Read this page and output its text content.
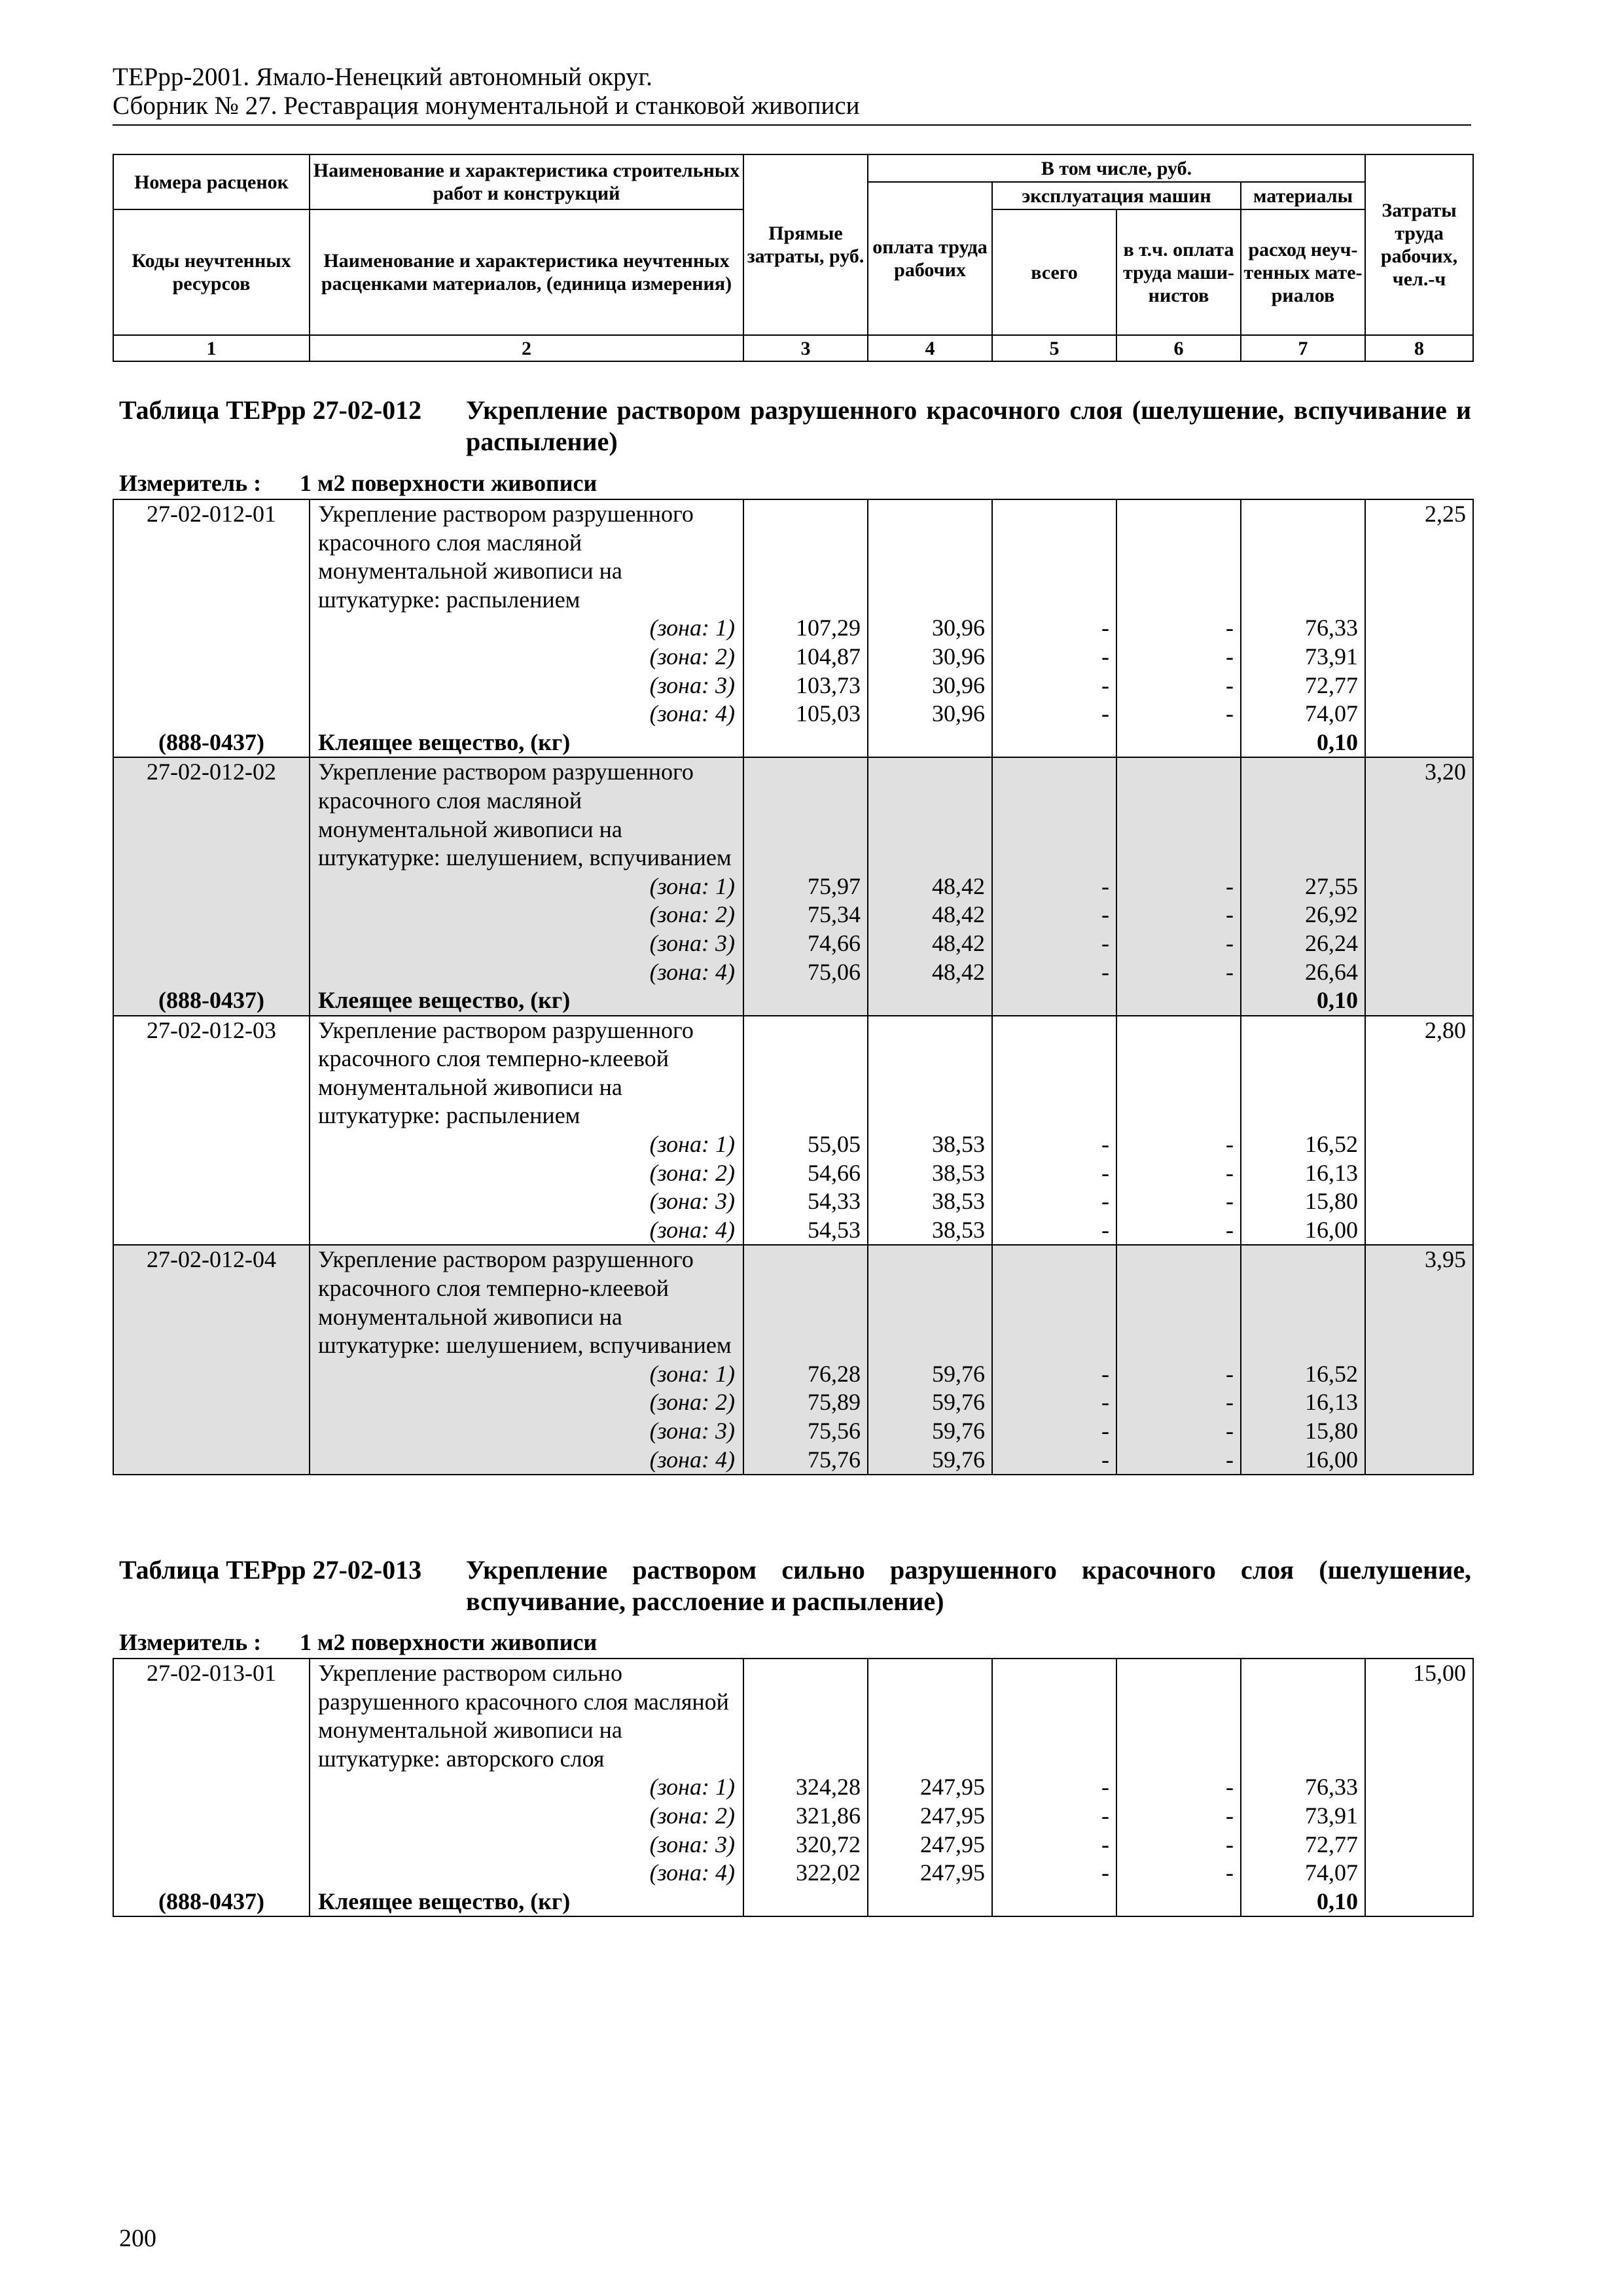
ТЕРрр-2001. Ямало-Ненецкий автономный округ.
Сборник № 27. Реставрация монументальной и станковой живописи
Номера расценок	Наименование и характеристика строительных работ и конструкций	Прямые затраты, руб.	В том числе, руб.				Затраты труда рабочих, чел.-ч
			оплата труда рабочих	эксплуатация машин		материалы	
Коды неучтенных ресурсов	Наименование и характеристика неучтенных расценками материалов, (единица измерения)			всего	в т.ч. оплата труда маши-нистов	расход неуч-тенных мате-риалов	
1	2	3	4	5	6	7	8
Таблица ТЕРрр 27-02-012 Укрепление раствором разрушенного красочного слоя (шелушение, вспучивание и распыление)
Измеритель : 1 м2 поверхности живописи
27-02-012-01	Укрепление раствором разрушенного красочного слоя масляной монументальной живописи на штукатурке: распылением						2,25
	(зона: 1)	107,29	30,96	-	-	76,33	
	(зона: 2)	104,87	30,96	-	-	73,91	
	(зона: 3)	103,73	30,96	-	-	72,77	
	(зона: 4)	105,03	30,96	-	-	74,07	
(888-0437)	Клеящее вещество, (кг)					0,10	
27-02-012-02	Укрепление раствором разрушенного красочного слоя масляной монументальной живописи на штукатурке: шелушением, вспучиванием						3,20
	(зона: 1)	75,97	48,42	-	-	27,55	
	(зона: 2)	75,34	48,42	-	-	26,92	
	(зона: 3)	74,66	48,42	-	-	26,24	
	(зона: 4)	75,06	48,42	-	-	26,64	
(888-0437)	Клеящее вещество, (кг)					0,10	
27-02-012-03	Укрепление раствором разрушенного красочного слоя темперно-клеевой монументальной живописи на штукатурке: распылением						2,80
	(зона: 1)	55,05	38,53	-	-	16,52	
	(зона: 2)	54,66	38,53	-	-	16,13	
	(зона: 3)	54,33	38,53	-	-	15,80	
	(зона: 4)	54,53	38,53	-	-	16,00	
27-02-012-04	Укрепление раствором разрушенного красочного слоя темперно-клеевой монументальной живописи на штукатурке: шелушением, вспучиванием						3,95
	(зона: 1)	76,28	59,76	-	-	16,52	
	(зона: 2)	75,89	59,76	-	-	16,13	
	(зона: 3)	75,56	59,76	-	-	15,80	
	(зона: 4)	75,76	59,76	-	-	16,00	
Таблица ТЕРрр 27-02-013 Укрепление раствором сильно разрушенного красочного слоя (шелушение, вспучивание, расслоение и распыление)
Измеритель : 1 м2 поверхности живописи
27-02-013-01	Укрепление раствором сильно разрушенного красочного слоя масляной монументальной живописи на штукатурке: авторского слоя						15,00
	(зона: 1)	324,28	247,95	-	-	76,33	
	(зона: 2)	321,86	247,95	-	-	73,91	
	(зона: 3)	320,72	247,95	-	-	72,77	
	(зона: 4)	322,02	247,95	-	-	74,07	
(888-0437)	Клеящее вещество, (кг)					0,10	
200
